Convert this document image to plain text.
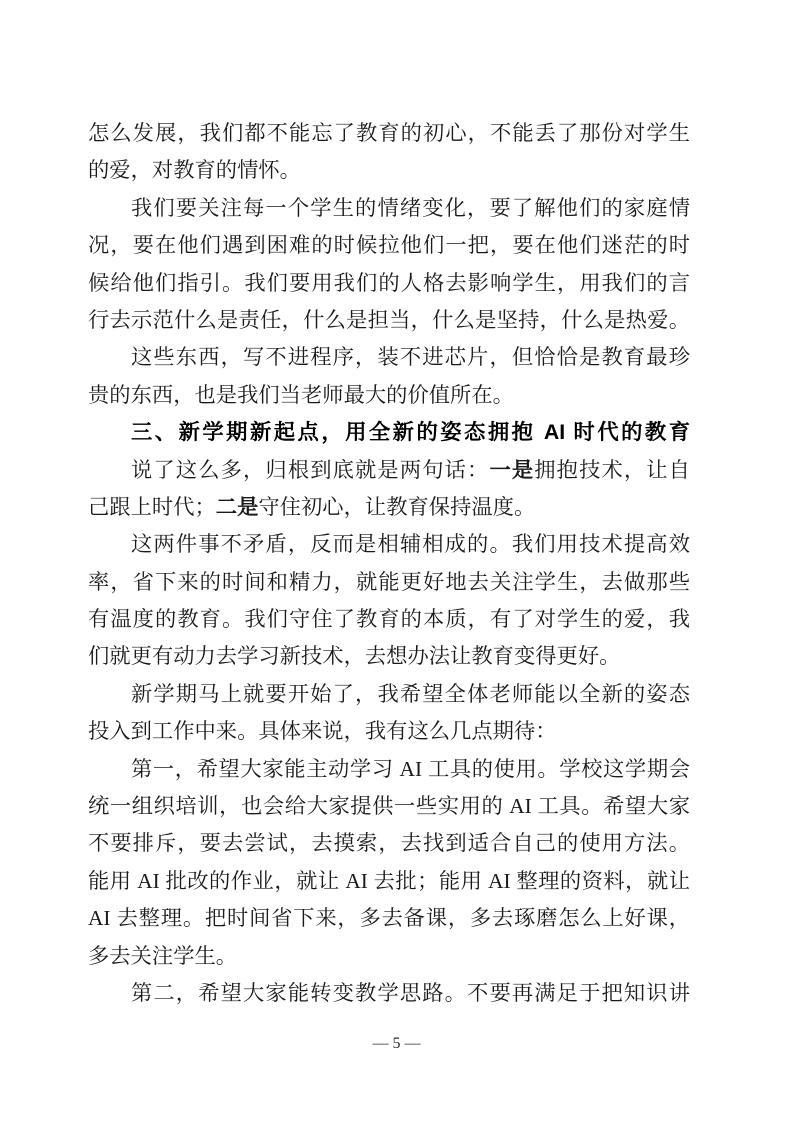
怎么发展，我们都不能忘了教育的初心，不能丢了那份对学生
的爱，对教育的情怀。
我们要关注每一个学生的情绪变化，要了解他们的家庭情
况，要在他们遇到困难的时候拉他们一把，要在他们迷茫的时
候给他们指引。我们要用我们的人格去影响学生，用我们的言
行去示范什么是责任，什么是担当，什么是坚持，什么是热爱。
这些东西，写不进程序，装不进芯片，但恰恰是教育最珍
贵的东西，也是我们当老师最大的价值所在。
三、新学期新起点，用全新的姿态拥抱 AI 时代的教育
说了这么多，归根到底就是两句话：一是拥抱技术，让自
己跟上时代；二是守住初心，让教育保持温度。
这两件事不矛盾，反而是相辅相成的。我们用技术提高效
率，省下来的时间和精力，就能更好地去关注学生，去做那些
有温度的教育。我们守住了教育的本质，有了对学生的爱，我
们就更有动力去学习新技术，去想办法让教育变得更好。
新学期马上就要开始了，我希望全体老师能以全新的姿态
投入到工作中来。具体来说，我有这么几点期待：
第一，希望大家能主动学习 AI 工具的使用。学校这学期会
统一组织培训，也会给大家提供一些实用的 AI 工具。希望大家
不要排斥，要去尝试，去摸索，去找到适合自己的使用方法。
能用 AI 批改的作业，就让 AI 去批；能用 AI 整理的资料，就让
AI 去整理。把时间省下来，多去备课，多去琢磨怎么上好课，
多去关注学生。
第二，希望大家能转变教学思路。不要再满足于把知识讲
— 5 —
